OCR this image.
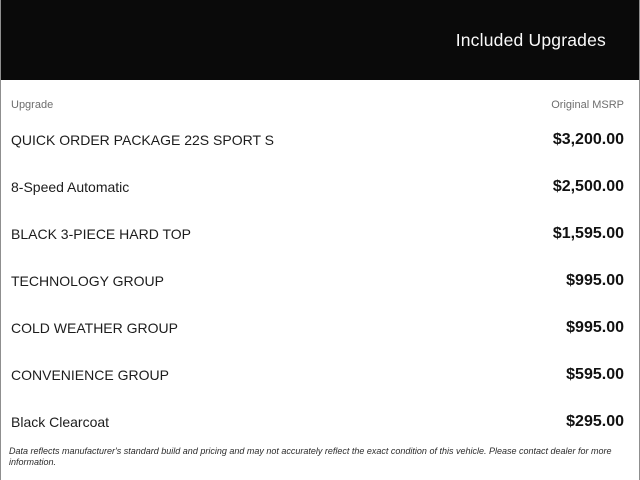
Included Upgrades
Upgrade	Original MSRP
QUICK ORDER PACKAGE 22S SPORT S	$3,200.00
8-Speed Automatic	$2,500.00
BLACK 3-PIECE HARD TOP	$1,595.00
TECHNOLOGY GROUP	$995.00
COLD WEATHER GROUP	$995.00
CONVENIENCE GROUP	$595.00
Black Clearcoat	$295.00
Data reflects manufacturer's standard build and pricing and may not accurately reflect the exact condition of this vehicle. Please contact dealer for more information.
